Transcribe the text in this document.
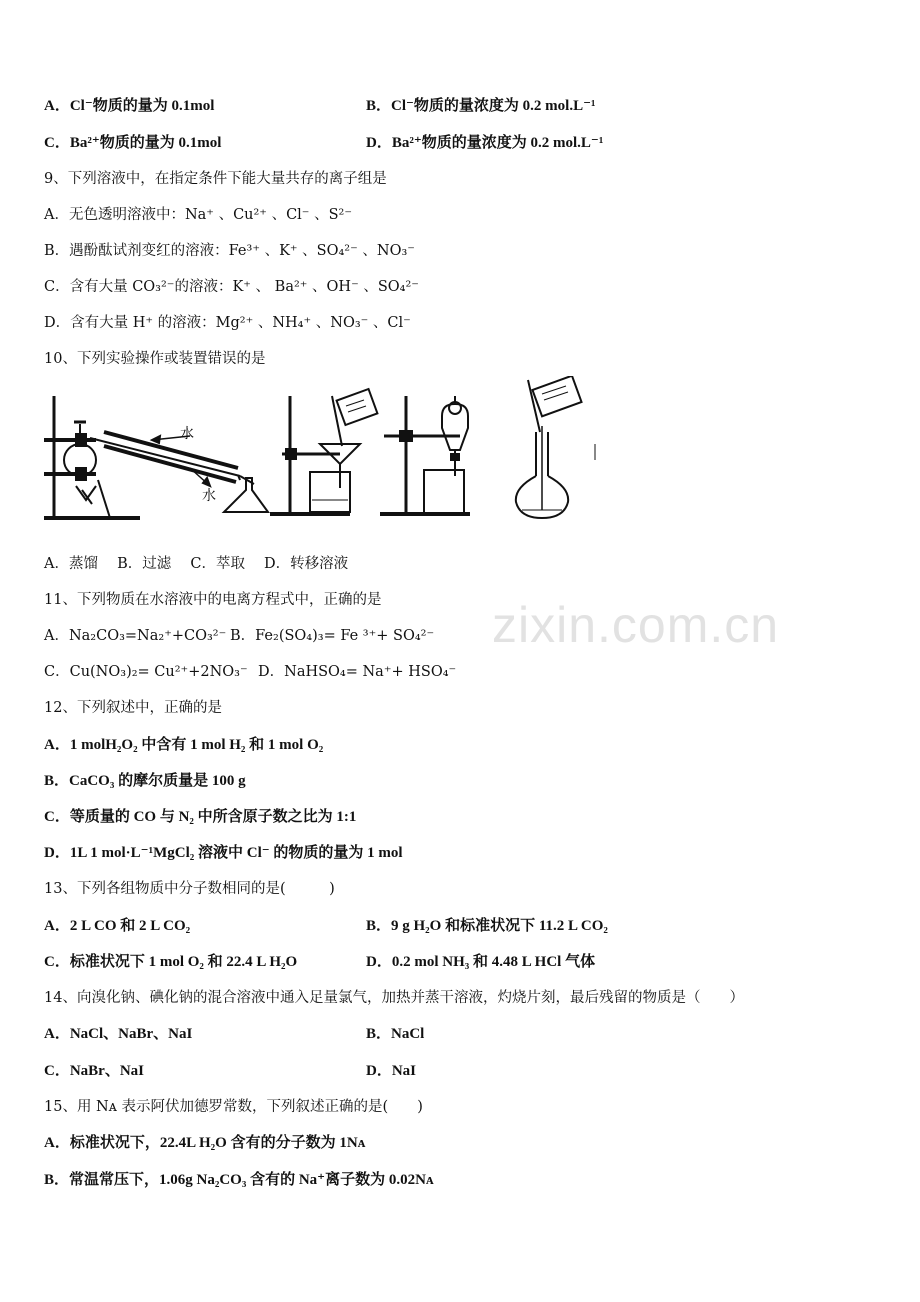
zixin.com.cn
A．Cl⁻物质的量为 0.1mol	B．Cl⁻物质的量浓度为 0.2 mol.L⁻¹
C．Ba²⁺物质的量为 0.1mol	D．Ba²⁺物质的量浓度为 0.2 mol.L⁻¹
9、下列溶液中，在指定条件下能大量共存的离子组是
A．无色透明溶液中：Na⁺ 、Cu²⁺ 、Cl⁻ 、S²⁻
B．遇酚酞试剂变红的溶液：Fe³⁺ 、K⁺ 、SO₄²⁻ 、NO₃⁻
C．含有大量 CO₃²⁻的溶液：K⁺ 、 Ba²⁺ 、OH⁻ 、SO₄²⁻
D．含有大量 H⁺ 的溶液：Mg²⁺ 、NH₄⁺ 、NO₃⁻ 、Cl⁻
10、下列实验操作或装置错误的是
水
水
A．蒸馏　 B．过滤　 C．萃取　 D．转移溶液
11、下列物质在水溶液中的电离方程式中，正确的是
A．Na₂CO₃=Na₂⁺+CO₃²⁻ B．Fe₂(SO₄)₃= Fe ³⁺+ SO₄²⁻
C．Cu(NO₃)₂= Cu²⁺+2NO₃⁻ D．NaHSO₄= Na⁺+ HSO₄⁻
12、下列叙述中，正确的是
A．1 molH₂O₂ 中含有 1 mol H₂ 和 1 mol O₂
B．CaCO₃ 的摩尔质量是 100 g
C．等质量的 CO 与 N₂ 中所含原子数之比为 1:1
D．1L 1 mol·L⁻¹MgCl₂ 溶液中 Cl⁻ 的物质的量为 1 mol
13、下列各组物质中分子数相同的是(　　　)
A．2 L CO 和 2 L CO₂	B．9 g H₂O 和标准状况下 11.2 L CO₂
C．标准状况下 1 mol O₂ 和 22.4 L H₂O	D．0.2 mol NH₃ 和 4.48 L HCl 气体
14、向溴化钠、碘化钠的混合溶液中通入足量氯气，加热并蒸干溶液，灼烧片刻，最后残留的物质是（　　）
A．NaCl、NaBr、NaI	B．NaCl
C．NaBr、NaI	D．NaI
15、用 Nᴀ 表示阿伏加德罗常数，下列叙述正确的是(　　)
A．标准状况下，22.4L H₂O 含有的分子数为 1Nᴀ
B．常温常压下，1.06g Na₂CO₃ 含有的 Na⁺离子数为 0.02Nᴀ
